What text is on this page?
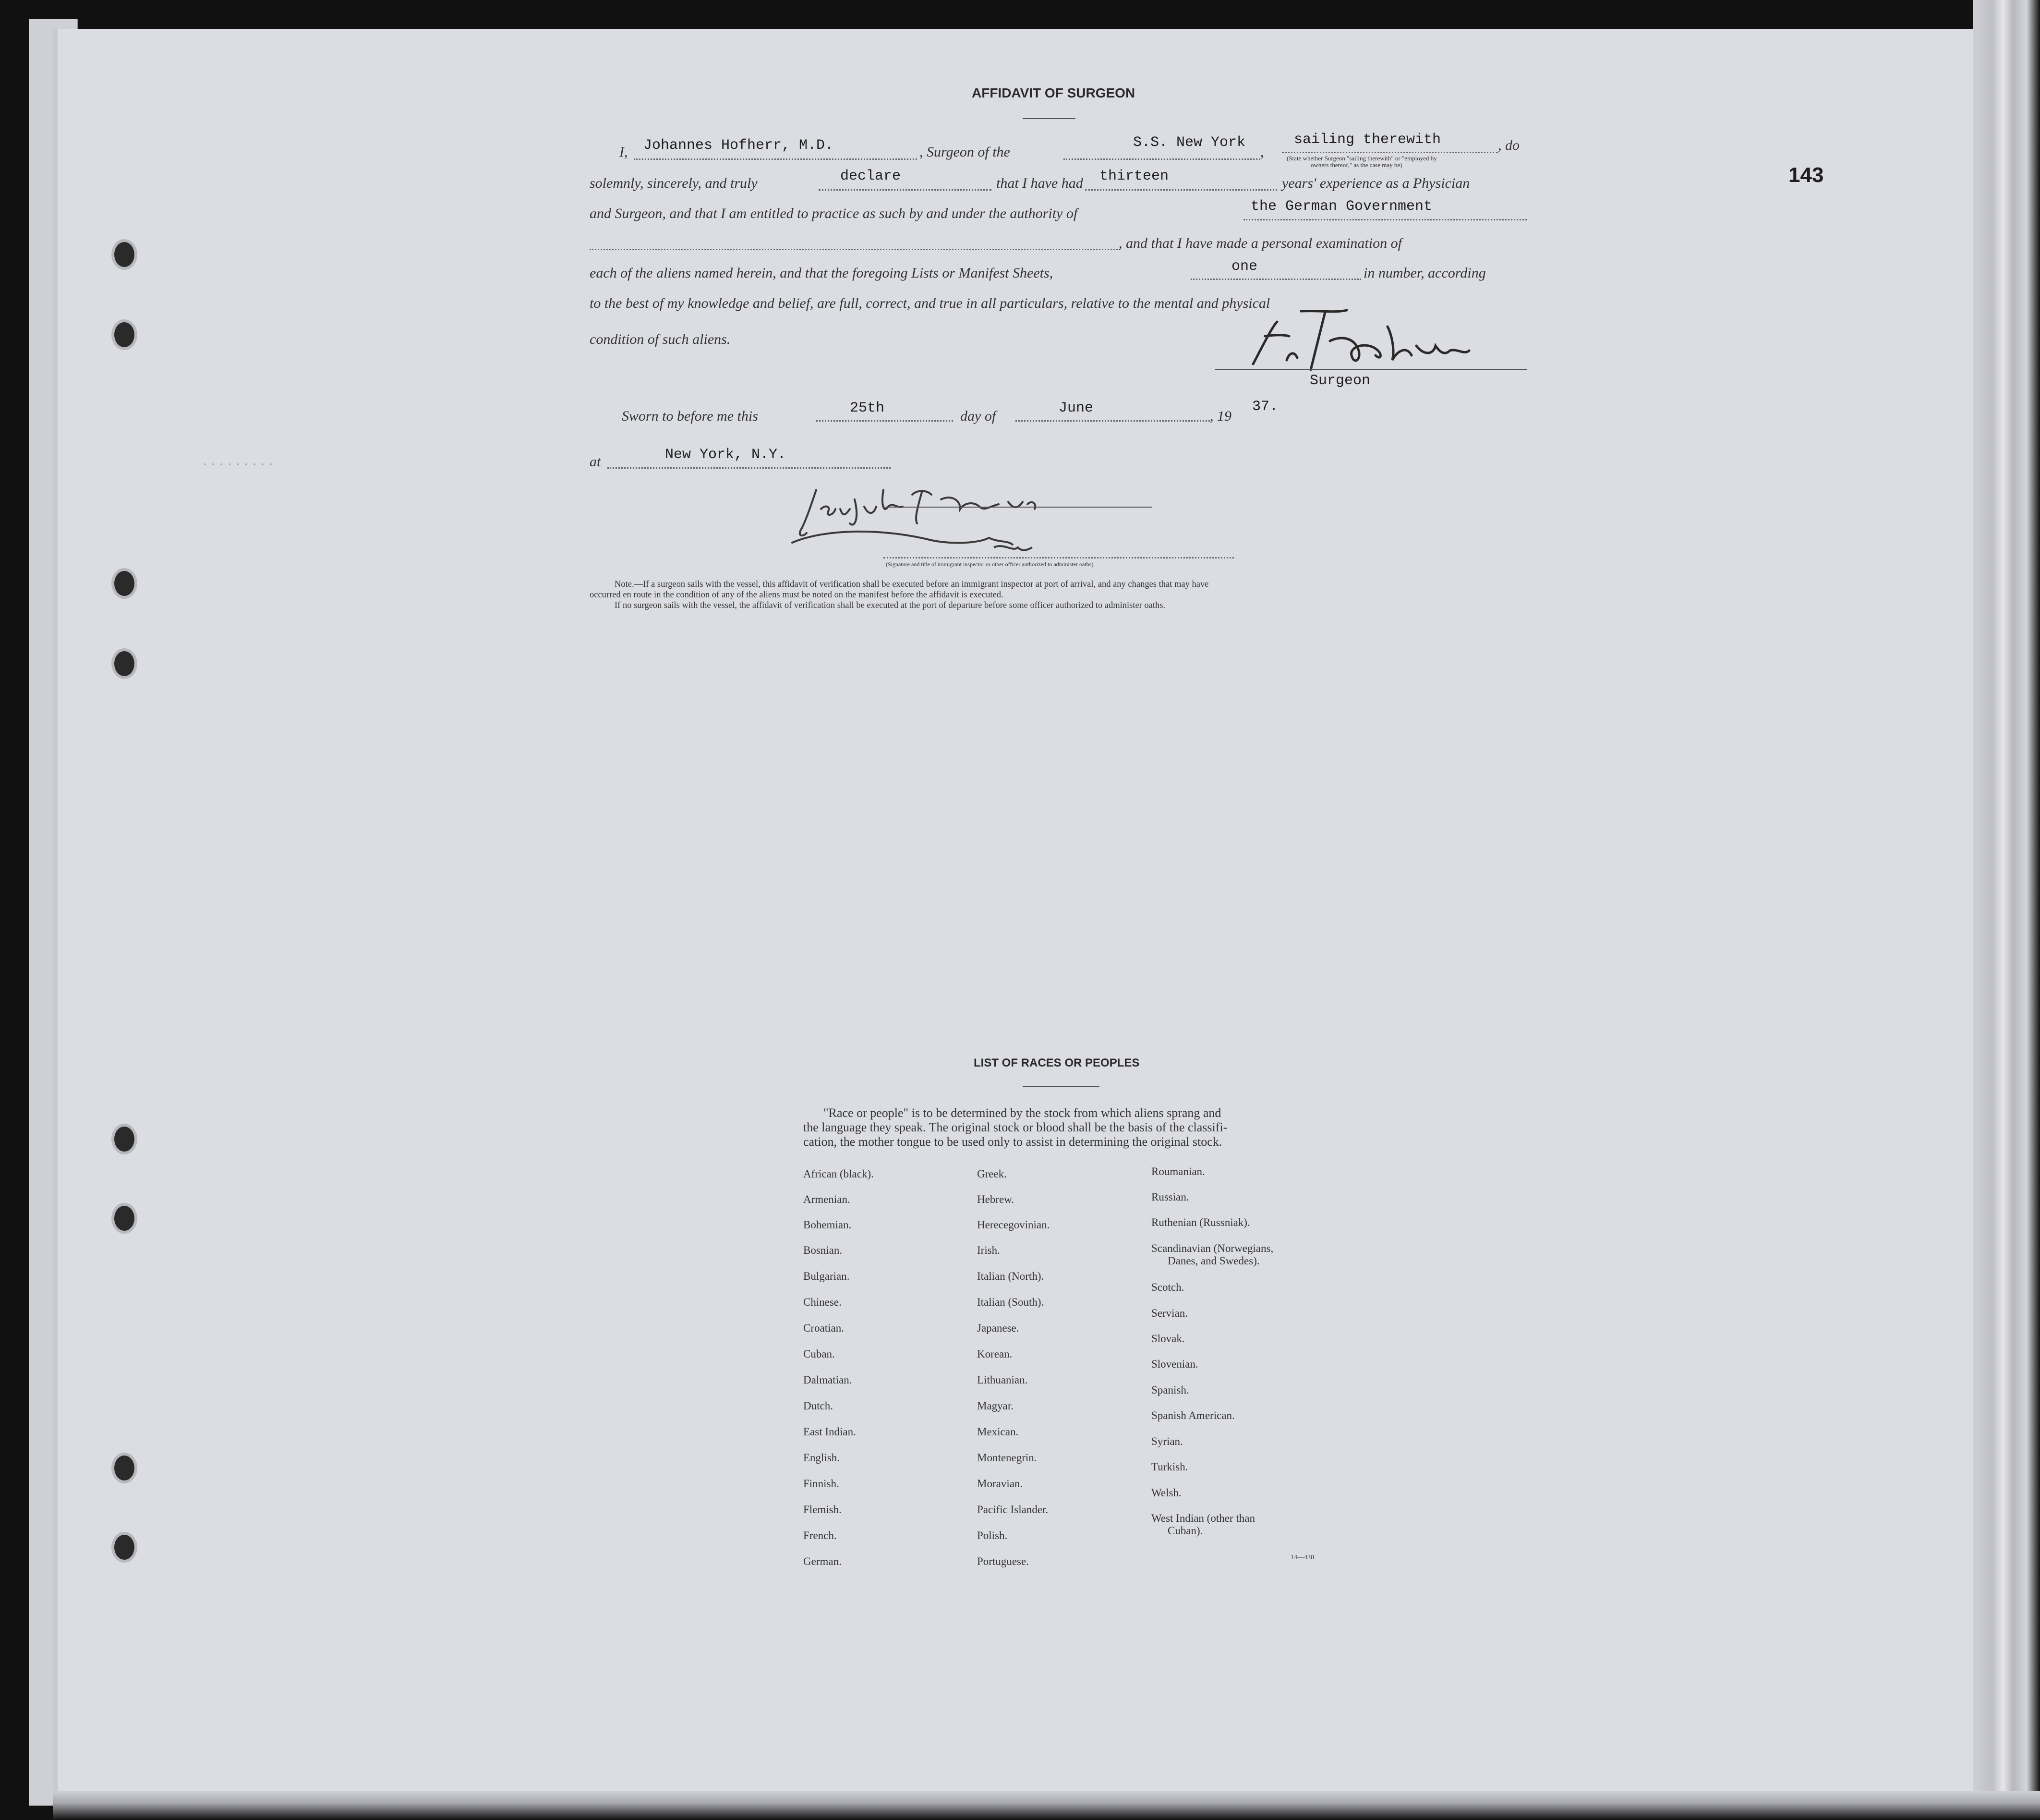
143
·········
AFFIDAVIT OF SURGEON
I, Johannes Hofherr, M.D.	, Surgeon of the
S.S. New York
,
sailing therewith
(State whether Surgeon "sailing therewith" or "employed by
owners thereof," as the case may be)
, do
solemnly, sincerely, and truly	declare	that I have had thirteen	years' experience as a Physician
and Surgeon, and that I am entitled to practice as such by and under the authority of	the German Government
, and that I have made a personal examination of
each of the aliens named herein, and that the foregoing Lists or Manifest Sheets,	one	in number, according
to the best of my knowledge and belief, are full, correct, and true in all particulars, relative to the mental and physical
condition of such aliens.
Surgeon
Sworn to before me this	25th	day of	June	, 19
37.
at	New York, N.Y.
(Signature and title of immigrant inspector or other officer authorized to administer oaths)
Note.—If a surgeon sails with the vessel, this affidavit of verification shall be executed before an immigrant inspector at port of arrival, and any changes that may have
occurred en route in the condition of any of the aliens must be noted on the manifest before the affidavit is executed.
If no surgeon sails with the vessel, the affidavit of verification shall be executed at the port of departure before some officer authorized to administer oaths.
LIST OF RACES OR PEOPLES
"Race or people" is to be determined by the stock from which aliens sprang and
the language they speak. The original stock or blood shall be the basis of the classifi-
cation, the mother tongue to be used only to assist in determining the original stock.
African (black).
Armenian.
Bohemian.
Bosnian.
Bulgarian.
Chinese.
Croatian.
Cuban.
Dalmatian.
Dutch.
East Indian.
English.
Finnish.
Flemish.
French.
German.
Greek.
Hebrew.
Herecegovinian.
Irish.
Italian (North).
Italian (South).
Japanese.
Korean.
Lithuanian.
Magyar.
Mexican.
Montenegrin.
Moravian.
Pacific Islander.
Polish.
Portuguese.
Roumanian.
Russian.
Ruthenian (Russniak).
Scandinavian (Norwegians,
Danes, and Swedes).
Scotch.
Servian.
Slovak.
Slovenian.
Spanish.
Spanish American.
Syrian.
Turkish.
Welsh.
West Indian (other than
Cuban).
14—430
